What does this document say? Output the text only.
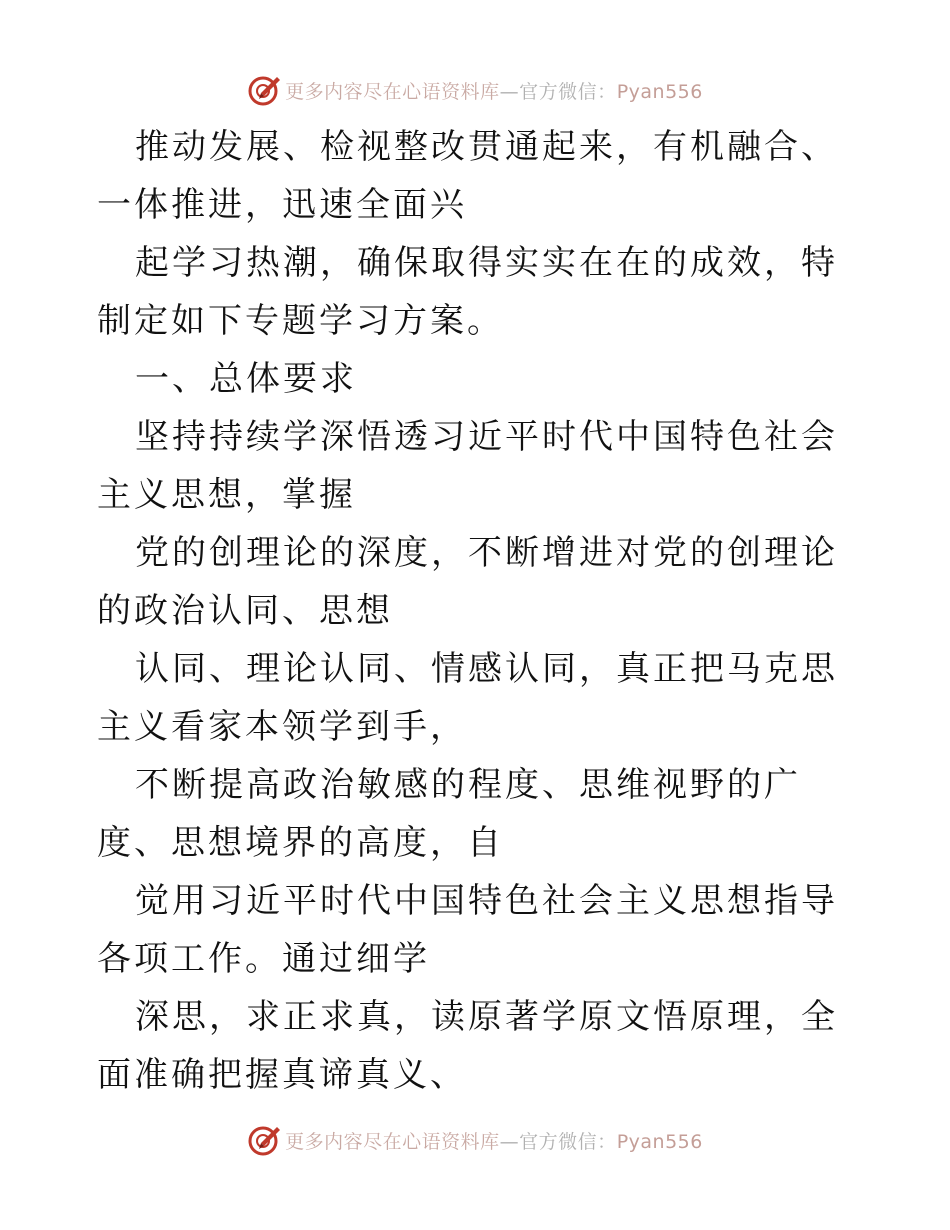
更多内容尽在心语资料库—官方微信：Pyan556

推动发展、检视整改贯通起来，有机融合、一体推进，迅速全面兴

起学习热潮，确保取得实实在在的成效，特制定如下专题学习方案。

一、总体要求

坚持持续学深悟透习近平时代中国特色社会主义思想，掌握

党的创理论的深度，不断增进对党的创理论的政治认同、思想

认同、理论认同、情感认同，真正把马克思主义看家本领学到手，

不断提高政治敏感的程度、思维视野的广度、思想境界的高度，自

觉用习近平时代中国特色社会主义思想指导各项工作。通过细学

深思，求正求真，读原著学原文悟原理，全面准确把握真谛真义、

更多内容尽在心语资料库—官方微信：Pyan556
